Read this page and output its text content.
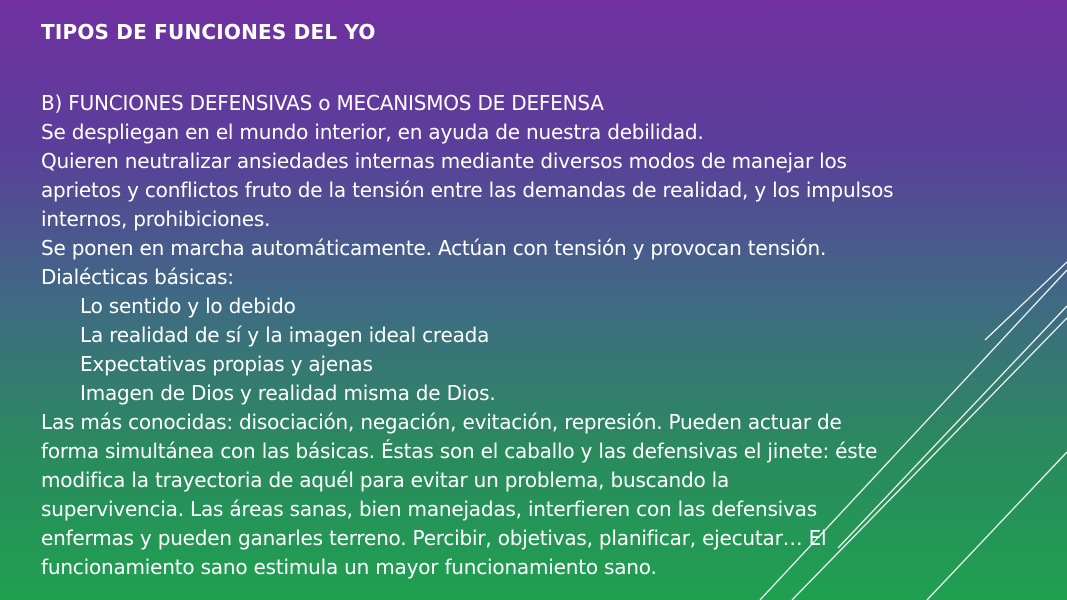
TIPOS DE FUNCIONES DEL YO

B) FUNCIONES DEFENSIVAS o MECANISMOS DE DEFENSA

Se despliegan en el mundo interior, en ayuda de nuestra debilidad.

Quieren neutralizar ansiedades internas mediante diversos modos de manejar los

aprietos y conflictos fruto de la tensión entre las demandas de realidad, y los impulsos

internos, prohibiciones.

Se ponen en marcha automáticamente. Actúan con tensión y provocan tensión.

Dialécticas básicas:

Lo sentido y lo debido

La realidad de sí y la imagen ideal creada

Expectativas propias y ajenas

Imagen de Dios y realidad misma de Dios.

Las más conocidas: disociación, negación, evitación, represión. Pueden actuar de

forma simultánea con las básicas. Éstas son el caballo y las defensivas el jinete: éste

modifica la trayectoria de aquél para evitar un problema, buscando la

supervivencia. Las áreas sanas, bien manejadas, interfieren con las defensivas

enfermas y pueden ganarles terreno. Percibir, objetivas, planificar, ejecutar… El

funcionamiento sano estimula un mayor funcionamiento sano.
